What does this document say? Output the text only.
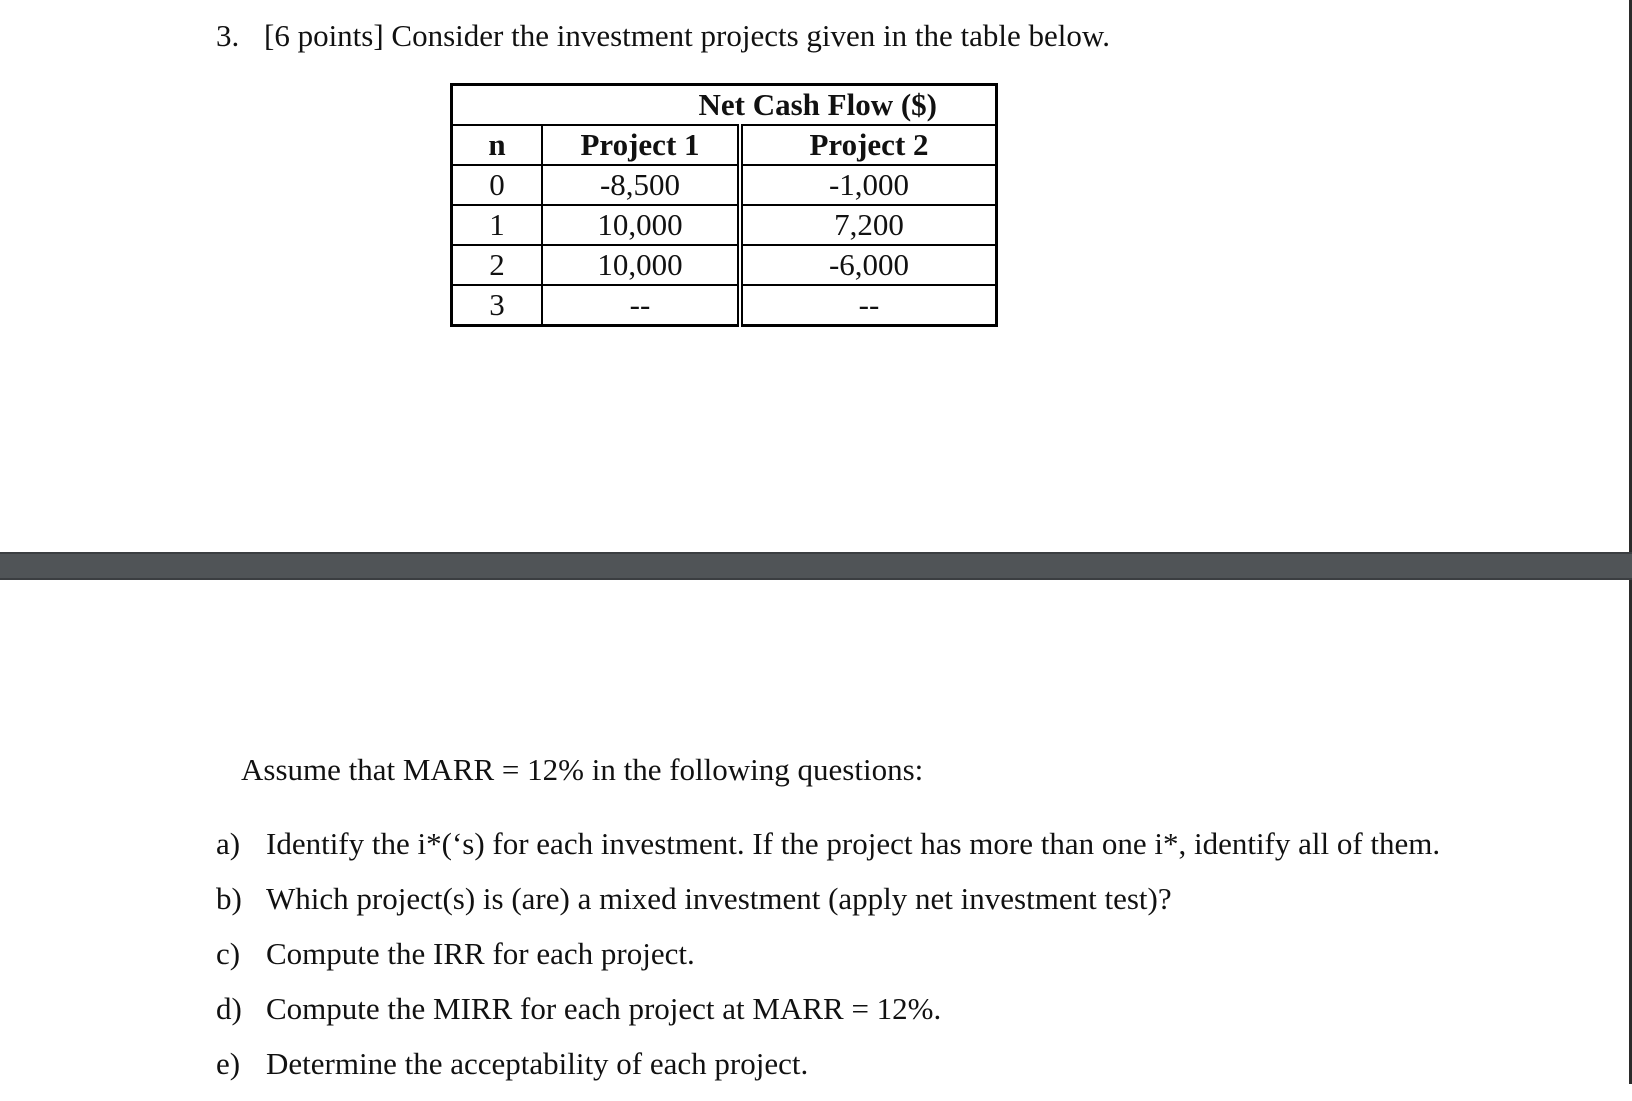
3. [6 points] Consider the investment projects given in the table below.
Net Cash Flow ($)		
n	Project 1	Project 2
0	-8,500	-1,000
1	10,000	7,200
2	10,000	-6,000
3	--	--
Assume that MARR = 12% in the following questions:
a) Identify the i*(‘s) for each investment. If the project has more than one i*, identify all of them.
b) Which project(s) is (are) a mixed investment (apply net investment test)?
c) Compute the IRR for each project.
d) Compute the MIRR for each project at MARR = 12%.
e) Determine the acceptability of each project.
